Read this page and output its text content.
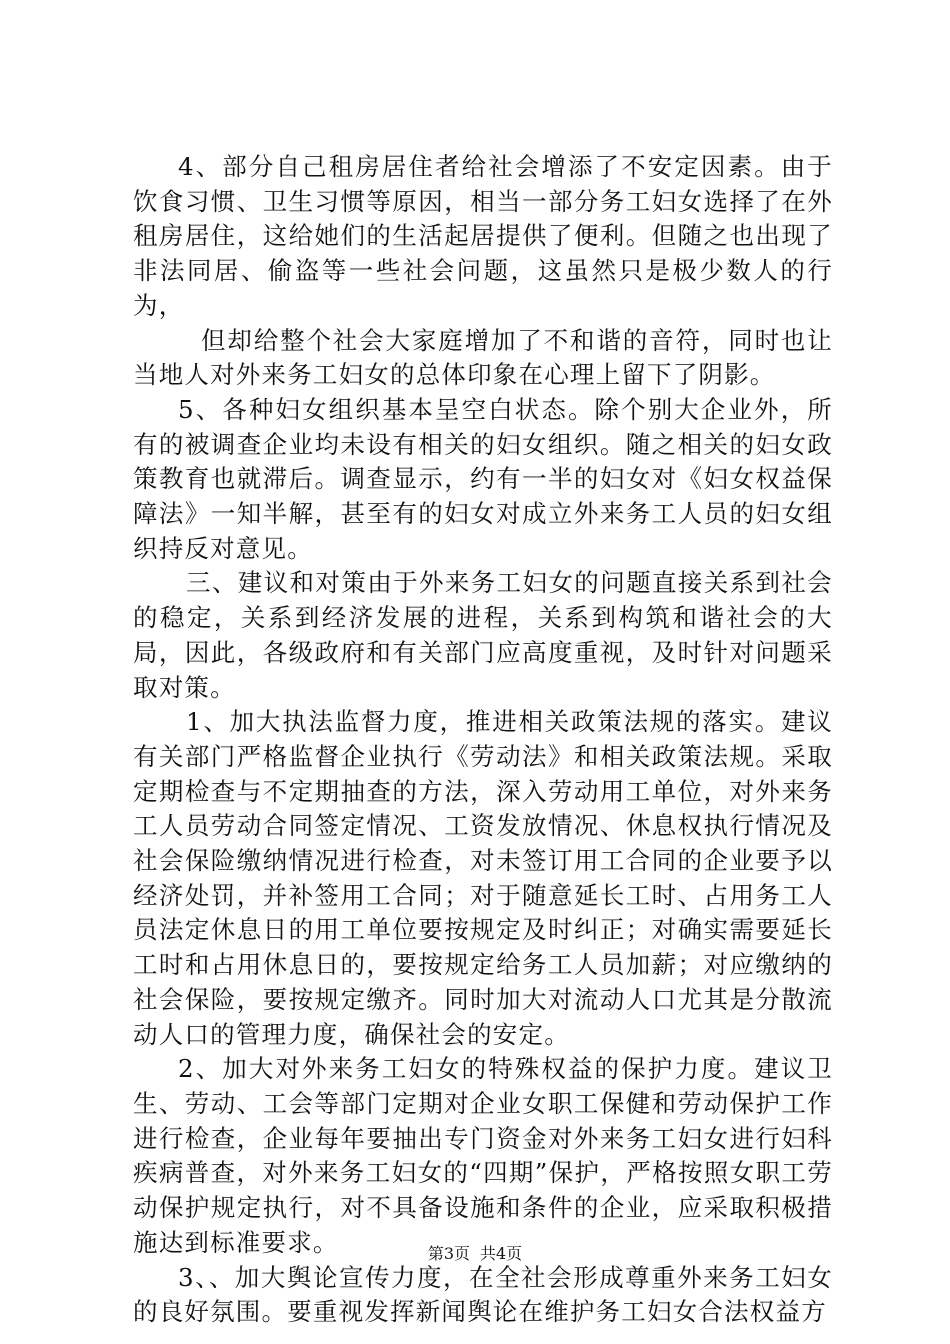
4、部分自己租房居住者给社会增添了不安定因素。由于饮食习惯、卫生习惯等原因，相当一部分务工妇女选择了在外租房居住，这给她们的生活起居提供了便利。但随之也出现了非法同居、偷盗等一些社会问题，这虽然只是极少数人的行为，

但却给整个社会大家庭增加了不和谐的音符，同时也让当地人对外来务工妇女的总体印象在心理上留下了阴影。

5、各种妇女组织基本呈空白状态。除个别大企业外，所有的被调查企业均未设有相关的妇女组织。随之相关的妇女政策教育也就滞后。调查显示，约有一半的妇女对《妇女权益保障法》一知半解，甚至有的妇女对成立外来务工人员的妇女组织持反对意见。

三、建议和对策由于外来务工妇女的问题直接关系到社会的稳定，关系到经济发展的进程，关系到构筑和谐社会的大局，因此，各级政府和有关部门应高度重视，及时针对问题采取对策。

1、加大执法监督力度，推进相关政策法规的落实。建议有关部门严格监督企业执行《劳动法》和相关政策法规。采取定期检查与不定期抽查的方法，深入劳动用工单位，对外来务工人员劳动合同签定情况、工资发放情况、休息权执行情况及社会保险缴纳情况进行检查，对未签订用工合同的企业要予以经济处罚，并补签用工合同；对于随意延长工时、占用务工人员法定休息日的用工单位要按规定及时纠正；对确实需要延长工时和占用休息日的，要按规定给务工人员加薪；对应缴纳的社会保险，要按规定缴齐。同时加大对流动人口尤其是分散流动人口的管理力度，确保社会的安定。

2、加大对外来务工妇女的特殊权益的保护力度。建议卫生、劳动、工会等部门定期对企业女职工保健和劳动保护工作进行检查，企业每年要抽出专门资金对外来务工妇女进行妇科疾病普查，对外来务工妇女的“四期”保护，严格按照女职工劳动保护规定执行，对不具备设施和条件的企业，应采取积极措施达到标准要求。

3、、加大舆论宣传力度，在全社会形成尊重外来务工妇女的良好氛围。要重视发挥新闻舆论在维护务工妇女合法权益方

第3页 共4页
